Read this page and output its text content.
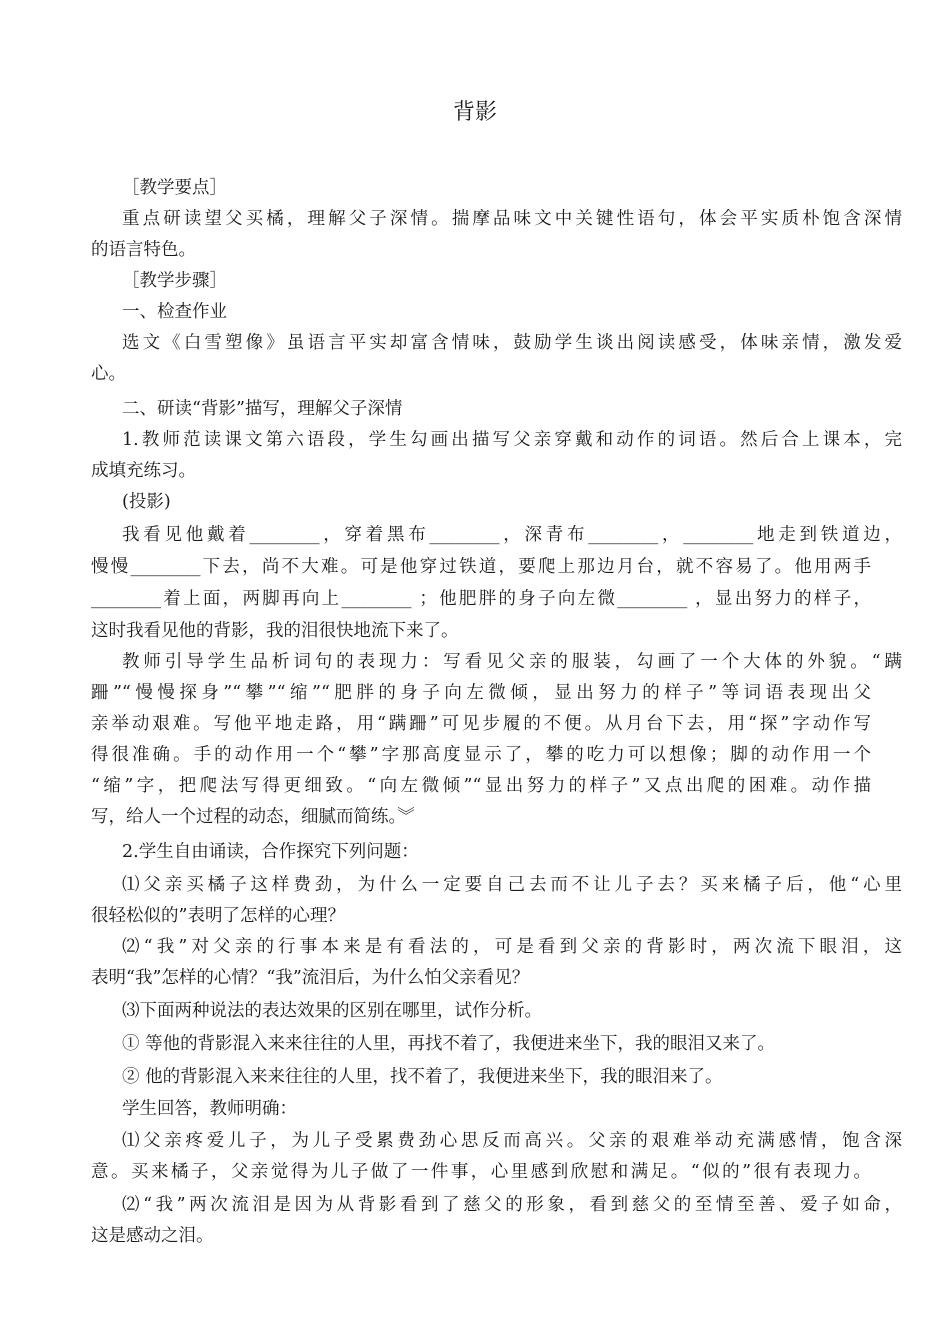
背影
［教学要点］
重点研读望父买橘，理解父子深情。揣摩品味文中关键性语句，体会平实质朴饱含深情
的语言特色。
［教学步骤］
一、检查作业
选文《白雪塑像》虽语言平实却富含情味，鼓励学生谈出阅读感受，体味亲情，激发爱
心。
二、研读“背影”描写，理解父子深情
1.教师范读课文第六语段，学生勾画出描写父亲穿戴和动作的词语。然后合上课本，完
成填充练习。
(投影)
我看见他戴着________，穿着黑布________，深青布________，________地走到铁道边，
慢慢________下去，尚不大难。可是他穿过铁道，要爬上那边月台，就不容易了。他用两手
________着上面，两脚再向上________ ；他肥胖的身子向左微________ ，显出努力的样子，
这时我看见他的背影，我的泪很快地流下来了。
教师引导学生品析词句的表现力：写看见父亲的服装，勾画了一个大体的外貌。“蹒
跚”“慢慢探身”“攀”“缩”“肥胖的身子向左微倾，显出努力的样子”等词语表现出父
亲举动艰难。写他平地走路，用“蹒跚”可见步履的不便。从月台下去，用“探”字动作写
得很准确。手的动作用一个“攀”字那高度显示了，攀的吃力可以想像；脚的动作用一个
“缩”字，把爬法写得更细致。“向左微倾”“显出努力的样子”又点出爬的困难。动作描
写，给人一个过程的动态，细腻而简练。︾
2.学生自由诵读，合作探究下列问题：
⑴父亲买橘子这样费劲，为什么一定要自己去而不让儿子去？买来橘子后，他“心里
很轻松似的”表明了怎样的心理？
⑵“我”对父亲的行事本来是有看法的，可是看到父亲的背影时，两次流下眼泪，这
表明“我”怎样的心情？“我”流泪后，为什么怕父亲看见？
⑶下面两种说法的表达效果的区别在哪里，试作分析。
① 等他的背影混入来来往往的人里，再找不着了，我便进来坐下，我的眼泪又来了。
② 他的背影混入来来往往的人里，找不着了，我便进来坐下，我的眼泪来了。
学生回答，教师明确：
⑴父亲疼爱儿子，为儿子受累费劲心思反而高兴。父亲的艰难举动充满感情，饱含深
意。买来橘子，父亲觉得为儿子做了一件事，心里感到欣慰和满足。“似的”很有表现力。
⑵“我”两次流泪是因为从背影看到了慈父的形象，看到慈父的至情至善、爱子如命，
这是感动之泪。
